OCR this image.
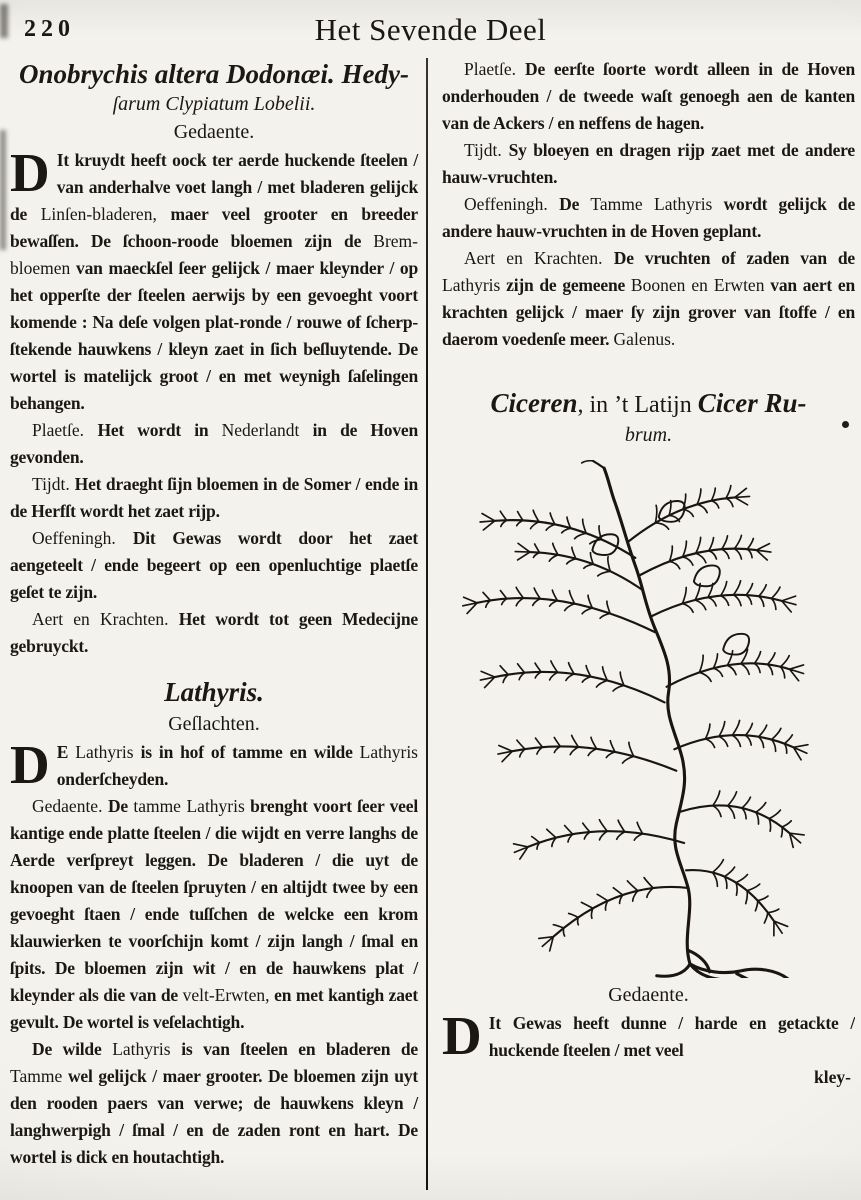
220	Het Sevende Deel
Onobrychis altera Dodonæi. Hedy-
ſarum Clypiatum Lobelii.
Gedaente.

D It kruydt heeft oock ter aerde huckende ſteelen / van anderhalve voet langh / met bladeren gelijck de Linſen-bladeren, maer veel grooter en breeder bewaſſen. De ſchoon-roode bloemen zijn de Brem-bloemen van maeckſel ſeer gelijck / maer kleynder / op het opperſte der ſteelen aerwijs by een gevoeght voort komende : Na deſe volgen plat-ronde / rouwe of ſcherp-ſtekende hauwkens / kleyn zaet in ſich beſluytende. De wortel is matelijck groot / en met weynigh ſaſelingen behangen.

Plaetſe. Het wordt in Nederlandt in de Hoven gevonden.

Tijdt. Het draeght ſijn bloemen in de Somer / ende in de Herfſt wordt het zaet rijp.

Oeffeningh. Dit Gewas wordt door het zaet aengeteelt / ende begeert op een openluchtige plaetſe geſet te zijn.

Aert en Krachten. Het wordt tot geen Medecijne gebruyckt.

Lathyris.
Geſlachten.

D E Lathyris is in hof of tamme en wilde Lathyris onderſcheyden.

Gedaente. De tamme Lathyris brenght voort ſeer veel kantige ende platte ſteelen / die wijdt en verre langhs de Aerde verſpreyt leggen. De bladeren / die uyt de knoopen van de ſteelen ſpruyten / en altijdt twee by een gevoeght ſtaen / ende tuſſchen de welcke een krom klauwierken te voorſchijn komt / zijn langh / ſmal en ſpits. De bloemen zijn wit / en de hauwkens plat / kleynder als die van de velt-Erwten, en met kantigh zaet gevult. De wortel is veſelachtigh.

De wilde Lathyris is van ſteelen en bladeren de Tamme wel gelijck / maer grooter. De bloemen zijn uyt den rooden paers van verwe; de hauwkens kleyn / langhwerpigh / ſmal / en de zaden ront en hart. De wortel is dick en houtachtigh.

Plaetſe. De eerſte ſoorte wordt alleen in de Hoven onderhouden / de tweede waſt genoegh aen de kanten van de Ackers / en neffens de hagen.

Tijdt. Sy bloeyen en dragen rijp zaet met de andere hauw-vruchten.

Oeffeningh. De Tamme Lathyris wordt gelijck de andere hauw-vruchten in de Hoven geplant.

Aert en Krachten. De vruchten of zaden van de Lathyris zijn de gemeene Boonen en Erwten van aert en krachten gelijck / maer ſy zijn grover van ſtoffe / en daerom voedenſe meer. Galenus.

Ciceren, in ’t Latijn Cicer Ru-
brum.
Gedaente.

D It Gewas heeft dunne / harde en getackte / huckende ſteelen / met veel

kley-
